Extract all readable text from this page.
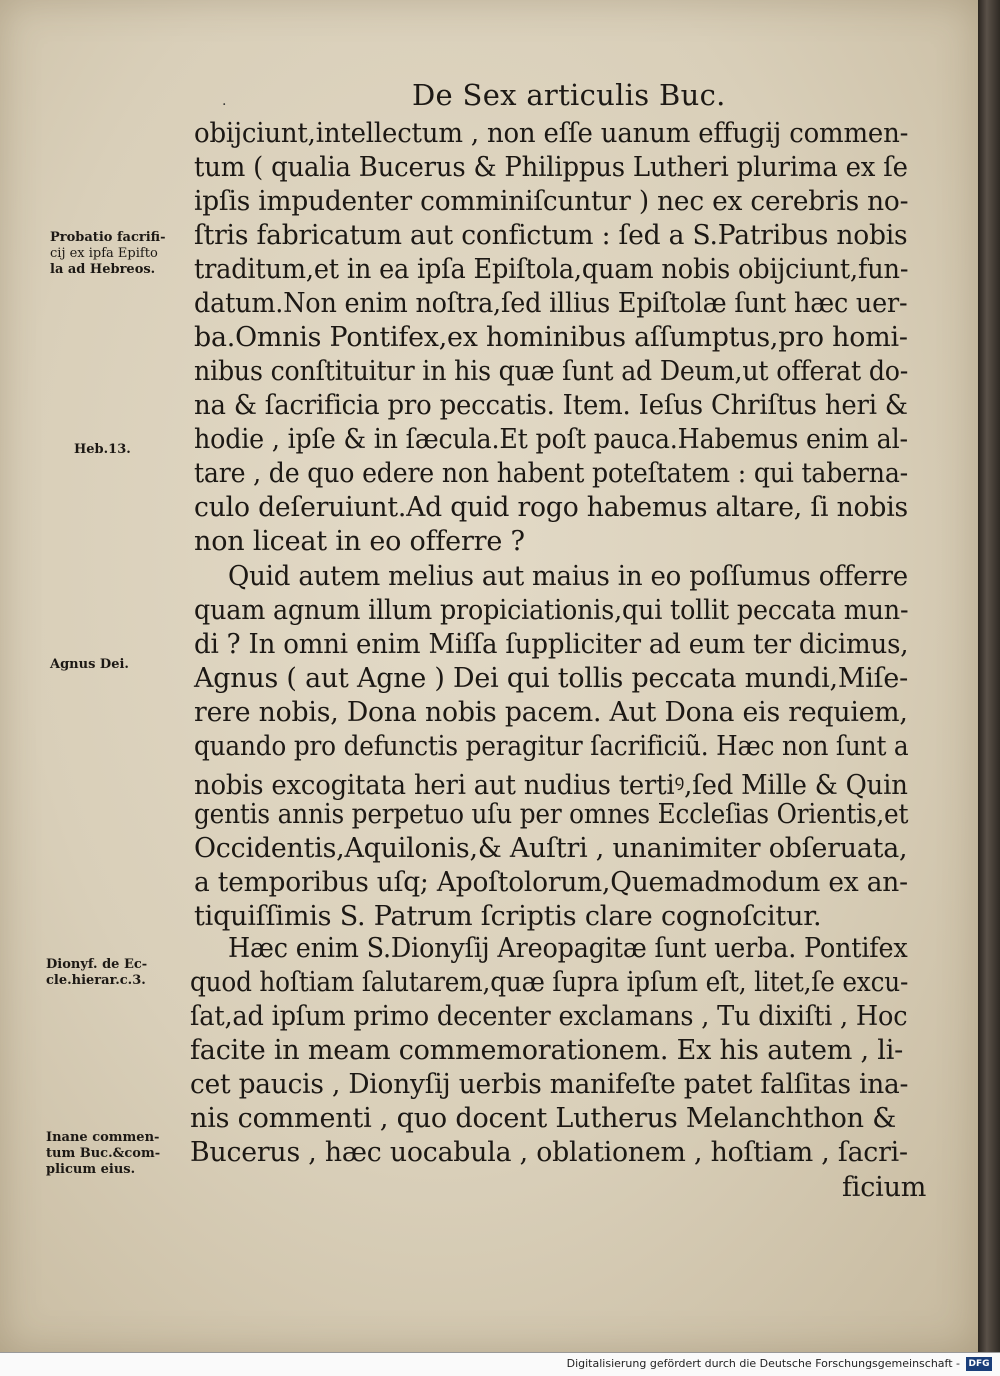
.	De Sex articulis Buc.
Probatio facrifi-
cij ex ipfa Epifto
la ad Hebreos.
Heb.13.
Agnus Dei.
Dionyf. de Ec-
cle.hierar.c.3.
Inane commen-
tum Buc.&com-
plicum eius.
obijciunt,intellectum , non eſſe uanum effugij commen-
tum ( qualia Bucerus & Philippus Lutheri plurima ex ſe
ipſis impudenter comminiſcuntur ) nec ex cerebris no-
ſtris fabricatum aut confictum : ſed a S.Patribus nobis
traditum,et in ea ipſa Epiſtola,quam nobis obijciunt,fun-
datum.Non enim noſtra,ſed illius Epiſtolæ ſunt hæc uer-
ba.Omnis Pontifex,ex hominibus aſſumptus,pro homi-
nibus conſtituitur in his quæ ſunt ad Deum,ut offerat do-
na & ſacrificia pro peccatis. Item. Ieſus Chriſtus heri &
hodie , ipſe & in ſæcula.Et poſt pauca.Habemus enim al-
tare , de quo edere non habent poteſtatem : qui taberna-
culo deſeruiunt.Ad quid rogo habemus altare, ſi nobis
non liceat in eo offerre ?
Quid autem melius aut maius in eo poſſumus offerre
quam agnum illum propiciationis,qui tollit peccata mun-
di ? In omni enim Miſſa ſuppliciter ad eum ter dicimus,
Agnus ( aut Agne ) Dei qui tollis peccata mundi,Miſe-
rere nobis, Dona nobis pacem. Aut Dona eis requiem,
quando pro defunctis peragitur ſacrificiũ. Hæc non ſunt a
nobis excogitata heri aut nudius tertiꝰ,ſed Mille & Quin
gentis annis perpetuo uſu per omnes Eccleſias Orientis,et
Occidentis,Aquilonis,& Auſtri , unanimiter obſeruata,
a temporibus uſq; Apoſtolorum,Quemadmodum ex an-
tiquiſſimis S. Patrum ſcriptis clare cognoſcitur.
Hæc enim S.Dionyſij Areopagitæ ſunt uerba. Pontifex
quod hoſtiam ſalutarem,quæ ſupra ipſum eſt, litet,ſe excu-
ſat,ad ipſum primo decenter exclamans , Tu dixiſti , Hoc
facite in meam commemorationem. Ex his autem , li-
cet paucis , Dionyſij uerbis manifeſte patet falſitas ina-
nis commenti , quo docent Lutherus Melanchthon &
Bucerus , hæc uocabula , oblationem , hoſtiam , ſacri-
ficium
Digitalisierung gefördert durch die Deutsche Forschungsgemeinschaft - DFG
